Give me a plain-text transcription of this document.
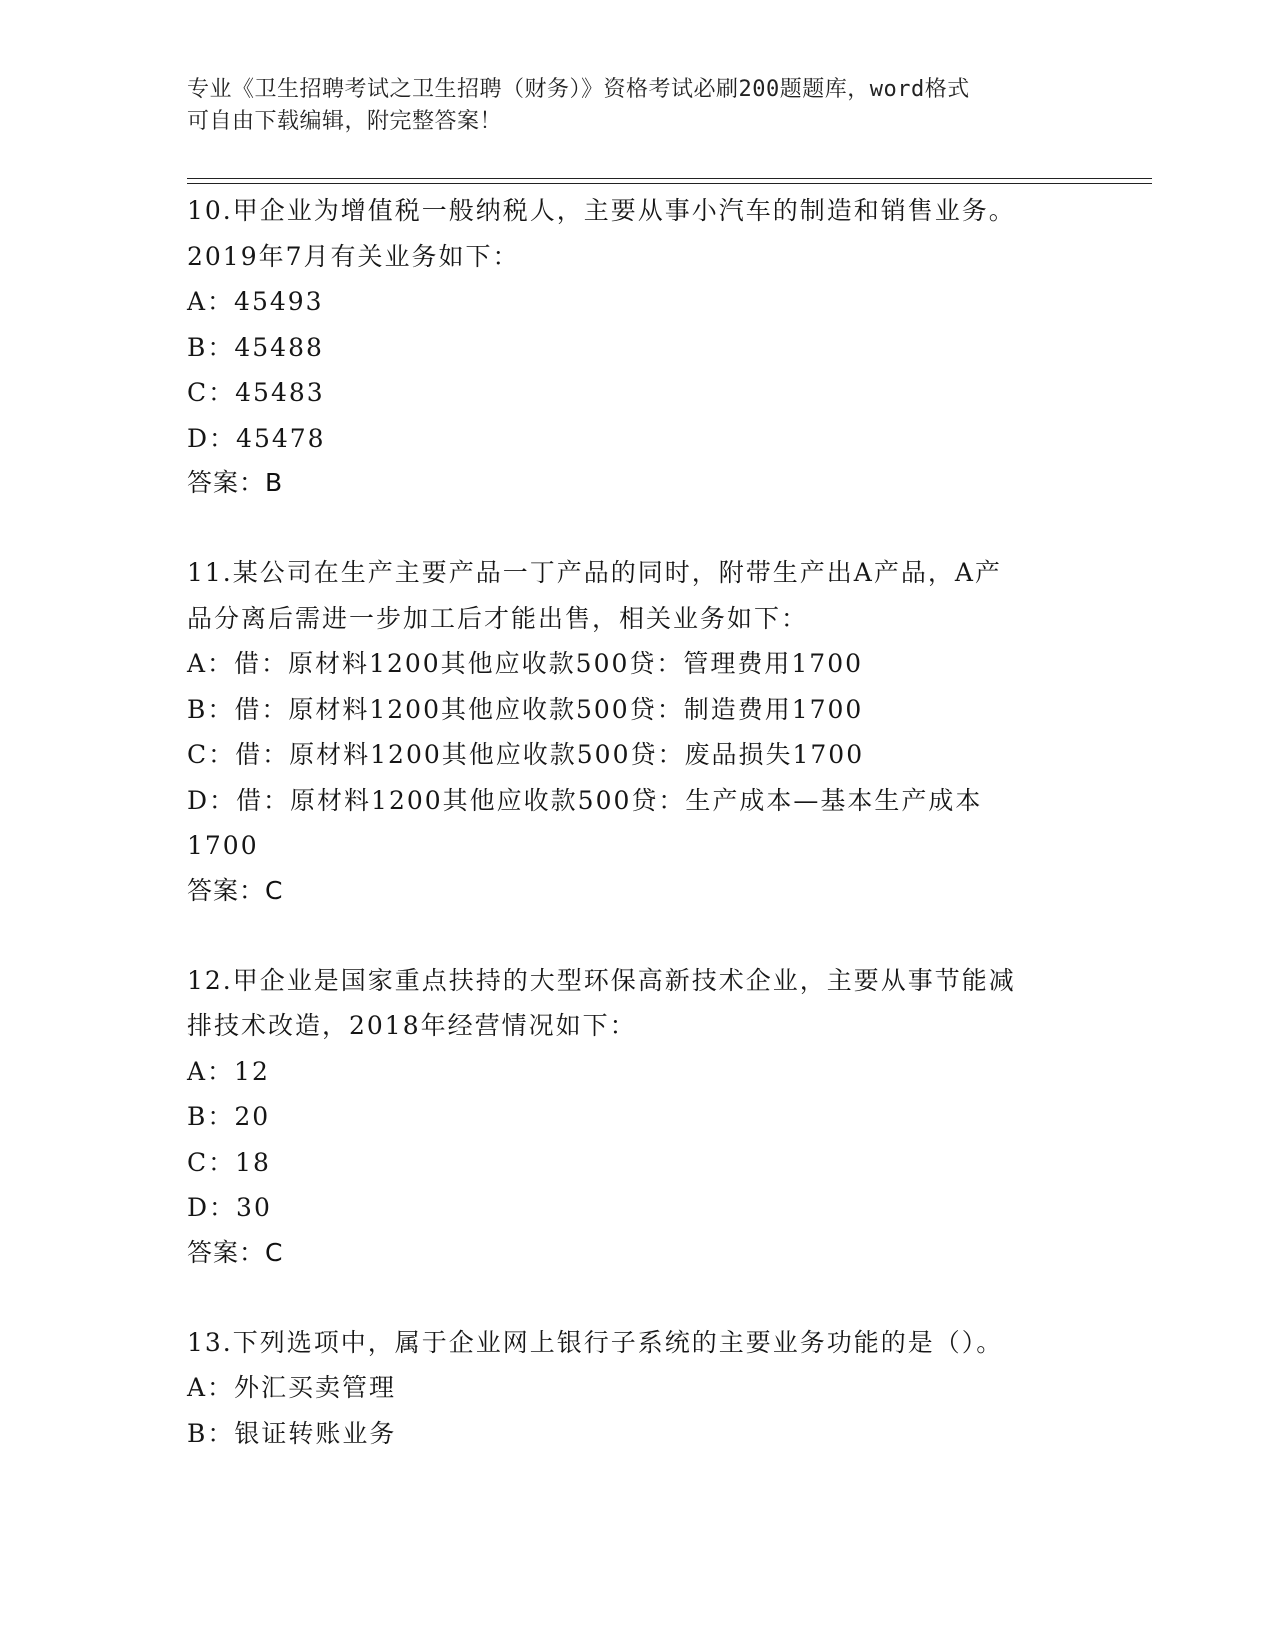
专业《卫生招聘考试之卫生招聘（财务）》资格考试必刷200题题库，word格式
可自由下载编辑，附完整答案！
10.甲企业为增值税一般纳税人，主要从事小汽车的制造和销售业务。
2019年7月有关业务如下：
A：45493
B：45488
C：45483
D：45478
答案：B
11.某公司在生产主要产品一丁产品的同时，附带生产出A产品，A产
品分离后需进一步加工后才能出售，相关业务如下：
A：借：原材料1200其他应收款500贷：管理费用1700
B：借：原材料1200其他应收款500贷：制造费用1700
C：借：原材料1200其他应收款500贷：废品损失1700
D：借：原材料1200其他应收款500贷：生产成本—基本生产成本
1700
答案：C
12.甲企业是国家重点扶持的大型环保高新技术企业，主要从事节能减
排技术改造，2018年经营情况如下：
A：12
B：20
C：18
D：30
答案：C
13.下列选项中，属于企业网上银行子系统的主要业务功能的是（）。
A：外汇买卖管理
B：银证转账业务
